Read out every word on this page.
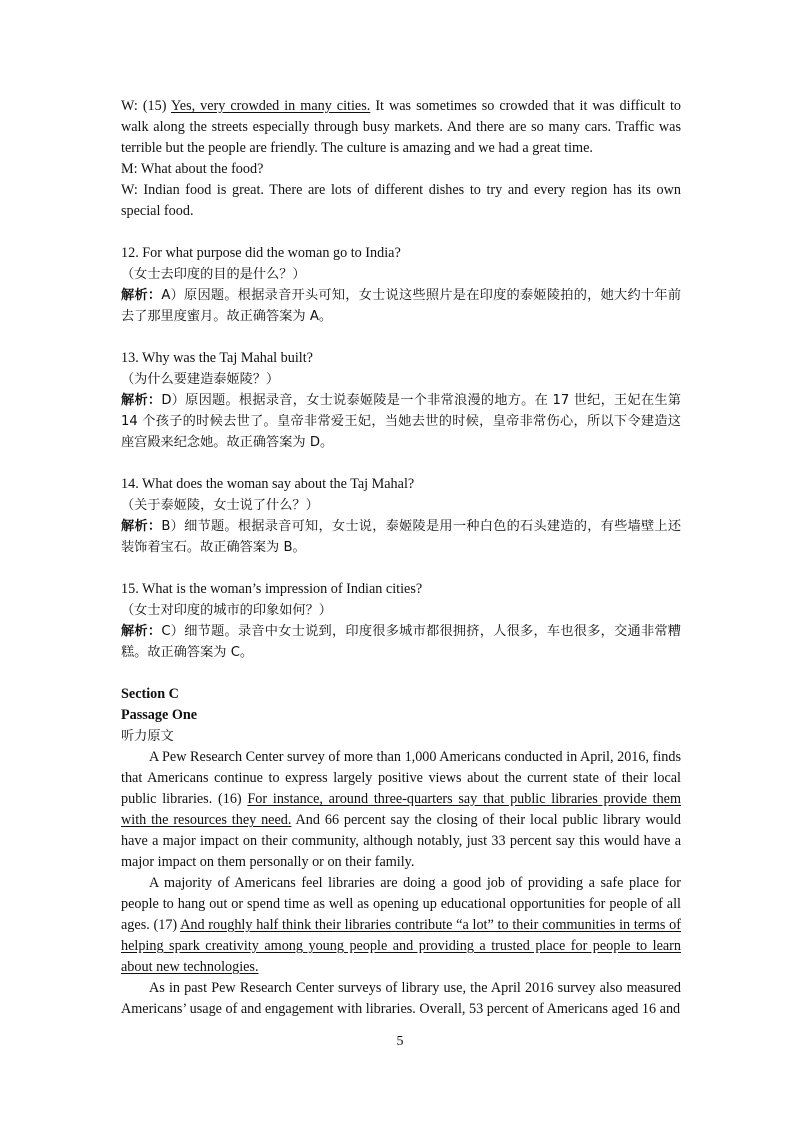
W: (15) Yes, very crowded in many cities. It was sometimes so crowded that it was difficult to walk along the streets especially through busy markets. And there are so many cars. Traffic was terrible but the people are friendly. The culture is amazing and we had a great time.

M: What about the food?

W: Indian food is great. There are lots of different dishes to try and every region has its own special food.

12. For what purpose did the woman go to India?

（女士去印度的目的是什么？）

解析：A）原因题。根据录音开头可知，女士说这些照片是在印度的泰姬陵拍的，她大约十年前去了那里度蜜月。故正确答案为 A。

13. Why was the Taj Mahal built?

（为什么要建造泰姬陵？）

解析：D）原因题。根据录音，女士说泰姬陵是一个非常浪漫的地方。在 17 世纪，王妃在生第 14 个孩子的时候去世了。皇帝非常爱王妃，当她去世的时候，皇帝非常伤心，所以下令建造这座宫殿来纪念她。故正确答案为 D。

14. What does the woman say about the Taj Mahal?

（关于泰姬陵，女士说了什么？）

解析：B）细节题。根据录音可知，女士说，泰姬陵是用一种白色的石头建造的，有些墙壁上还装饰着宝石。故正确答案为 B。

15. What is the woman’s impression of Indian cities?

（女士对印度的城市的印象如何？）

解析：C）细节题。录音中女士说到，印度很多城市都很拥挤，人很多，车也很多，交通非常糟糕。故正确答案为 C。

Section C

Passage One

听力原文

A Pew Research Center survey of more than 1,000 Americans conducted in April, 2016, finds that Americans continue to express largely positive views about the current state of their local public libraries. (16) For instance, around three-quarters say that public libraries provide them with the resources they need. And 66 percent say the closing of their local public library would have a major impact on their community, although notably, just 33 percent say this would have a major impact on them personally or on their family.

A majority of Americans feel libraries are doing a good job of providing a safe place for people to hang out or spend time as well as opening up educational opportunities for people of all ages. (17) And roughly half think their libraries contribute “a lot” to their communities in terms of helping spark creativity among young people and providing a trusted place for people to learn about new technologies.

As in past Pew Research Center surveys of library use, the April 2016 survey also measured Americans’ usage of and engagement with libraries. Overall, 53 percent of Americans aged 16 and

5
